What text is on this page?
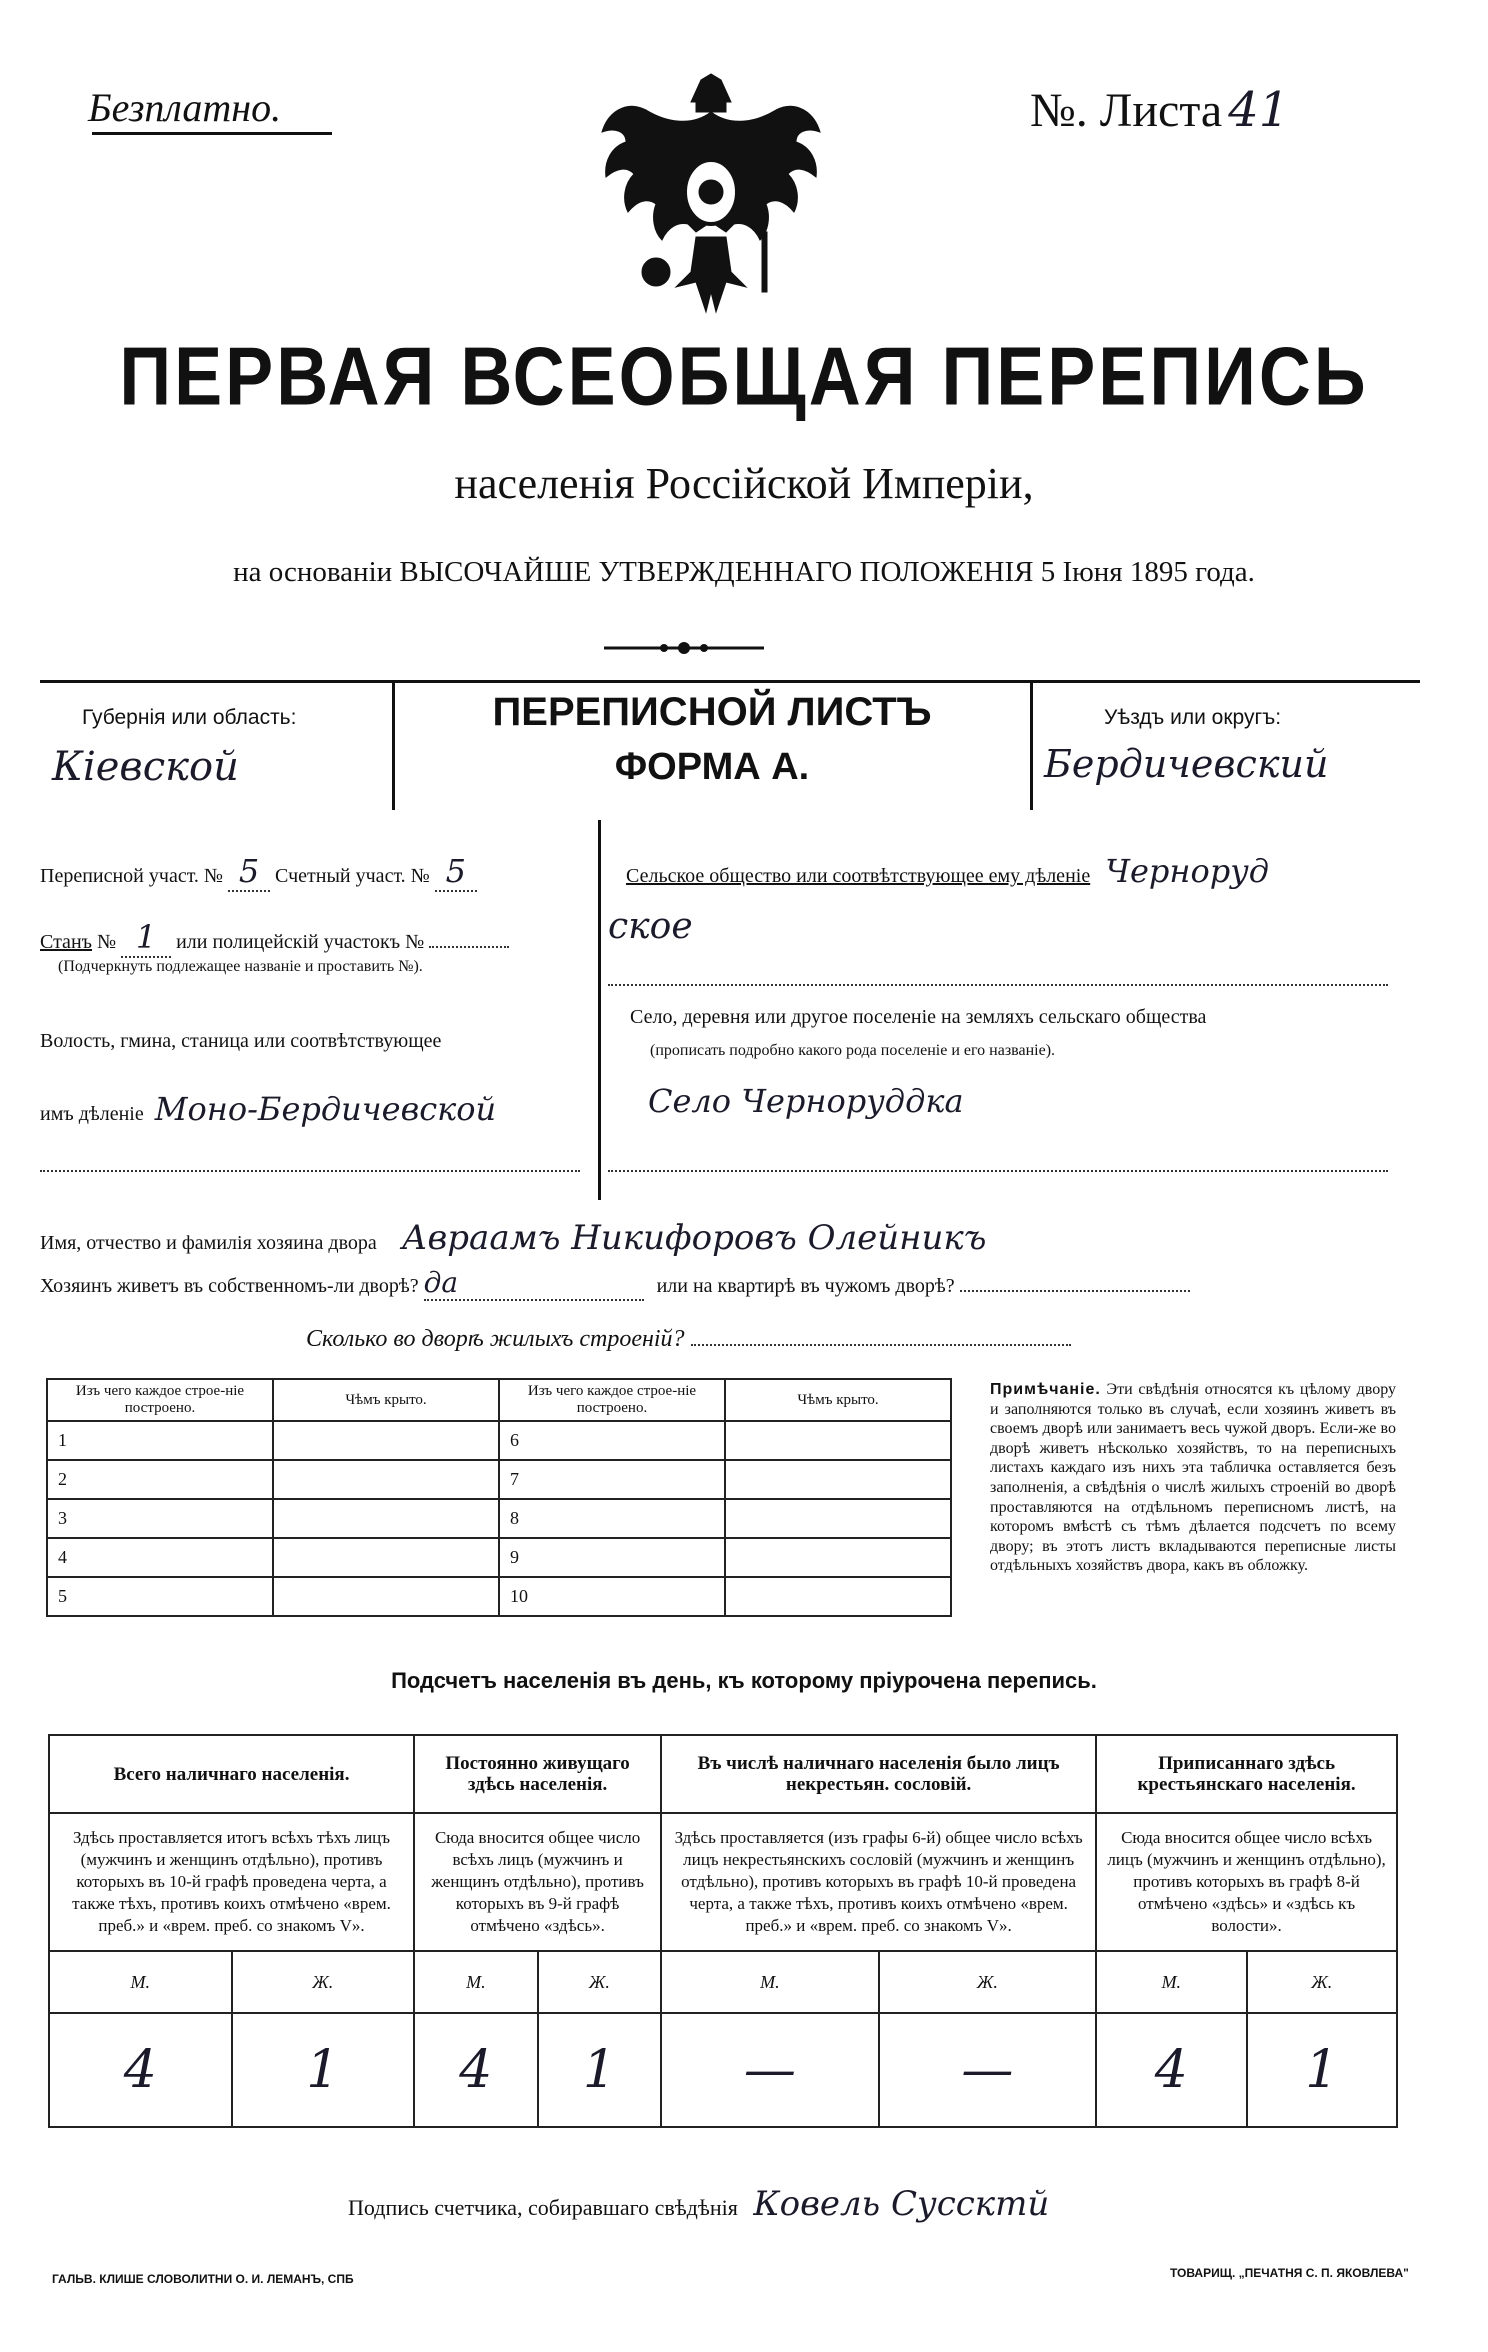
Безплатно.	№. Листа 41
ПЕРВАЯ ВСЕОБЩАЯ ПЕРЕПИСЬ
населенія Россійской Имперіи,
на основаніи ВЫСОЧАЙШЕ УТВЕРЖДЕННАГО ПОЛОЖЕНІЯ 5 Іюня 1895 года.
Губернія или область:
Кіевской
ПЕРЕПИСНОЙ ЛИСТЪ
ФОРМА А.
Уѣздъ или округъ:
Бердичевский
Переписной участ. № 5 Счетный участ. № 5
Станъ № 1 или полицейскій участокъ №
(Подчеркнуть подлежащее названіе и проставить №).
Волость, гмина, станица или соотвѣтствующее
имъ дѣленіе Моно-Бердичевской
Сельское общество или соотвѣтствующее ему дѣленіе Черноруд
ское
Село, деревня или другое поселеніе на земляхъ сельскаго общества
(прописать подробно какого рода поселеніе и его названіе).
Село Черноруддка
Имя, отчество и фамилія хозяина двора Авраамъ Никифоровъ Олейникъ
Хозяинъ живетъ въ собственномъ-ли дворѣ? да	или на квартирѣ въ чужомъ дворѣ?
Сколько во дворѣ жилыхъ строеній?
Изъ чего каждое строе-ніе построено.	Чѣмъ крыто.	Изъ чего каждое строе-ніе построено.	Чѣмъ крыто.
1		6	
2		7	
3		8	
4		9	
5		10	
Примѣчаніе. Эти свѣдѣнія относятся къ цѣлому двору и заполняются только въ случаѣ, если хозяинъ живетъ въ своемъ дворѣ или занимаетъ весь чужой дворъ. Если-же во дворѣ живетъ нѣсколько хозяйствъ, то на переписныхъ листахъ каждаго изъ нихъ эта табличка оставляется безъ заполненія, а свѣдѣнія о числѣ жилыхъ строеній во дворѣ проставляются на отдѣльномъ переписномъ листѣ, на которомъ вмѣстѣ съ тѣмъ дѣлается подсчетъ по всему двору; въ этотъ листъ вкладываются переписные листы отдѣльныхъ хозяйствъ двора, какъ въ обложку.
Подсчетъ населенія въ день, къ которому пріурочена перепись.
Всего наличнаго населенія.		Постоянно живущаго здѣсь населенія.		Въ числѣ наличнаго населенія было лицъ некрестьян. сословій.		Приписаннаго здѣсь крестьянскаго населенія.	
Здѣсь проставляется итогъ всѣхъ тѣхъ лицъ (мужчинъ и женщинъ отдѣльно), противъ которыхъ въ 10-й графѣ проведена черта, а также тѣхъ, противъ коихъ отмѣчено «врем. преб.» и «врем. преб. со знакомъ V».		Сюда вносится общее число всѣхъ лицъ (мужчинъ и женщинъ отдѣльно), противъ которыхъ въ 9-й графѣ отмѣчено «здѣсь».		Здѣсь проставляется (изъ графы 6-й) общее число всѣхъ лицъ некрестьянскихъ сословій (мужчинъ и женщинъ отдѣльно), противъ которыхъ въ графѣ 10-й проведена черта, а также тѣхъ, противъ коихъ отмѣчено «врем. преб.» и «врем. преб. со знакомъ V».		Сюда вносится общее число всѣхъ лицъ (мужчинъ и женщинъ отдѣльно), противъ которыхъ въ графѣ 8-й отмѣчено «здѣсь» и «здѣсь къ волости».	
М.	Ж.	М.	Ж.	М.	Ж.	М.	Ж.
4	1	4	1	—	—	4	1
Подпись счетчика, собиравшаго свѣдѣнія Ковель Суссктй
ГАЛЬВ. КЛИШЕ СЛОВОЛИТНИ О. И. ЛЕМАНЪ, СПБ	ТОВАРИЩ. „ПЕЧАТНЯ С. П. ЯКОВЛЕВА"
